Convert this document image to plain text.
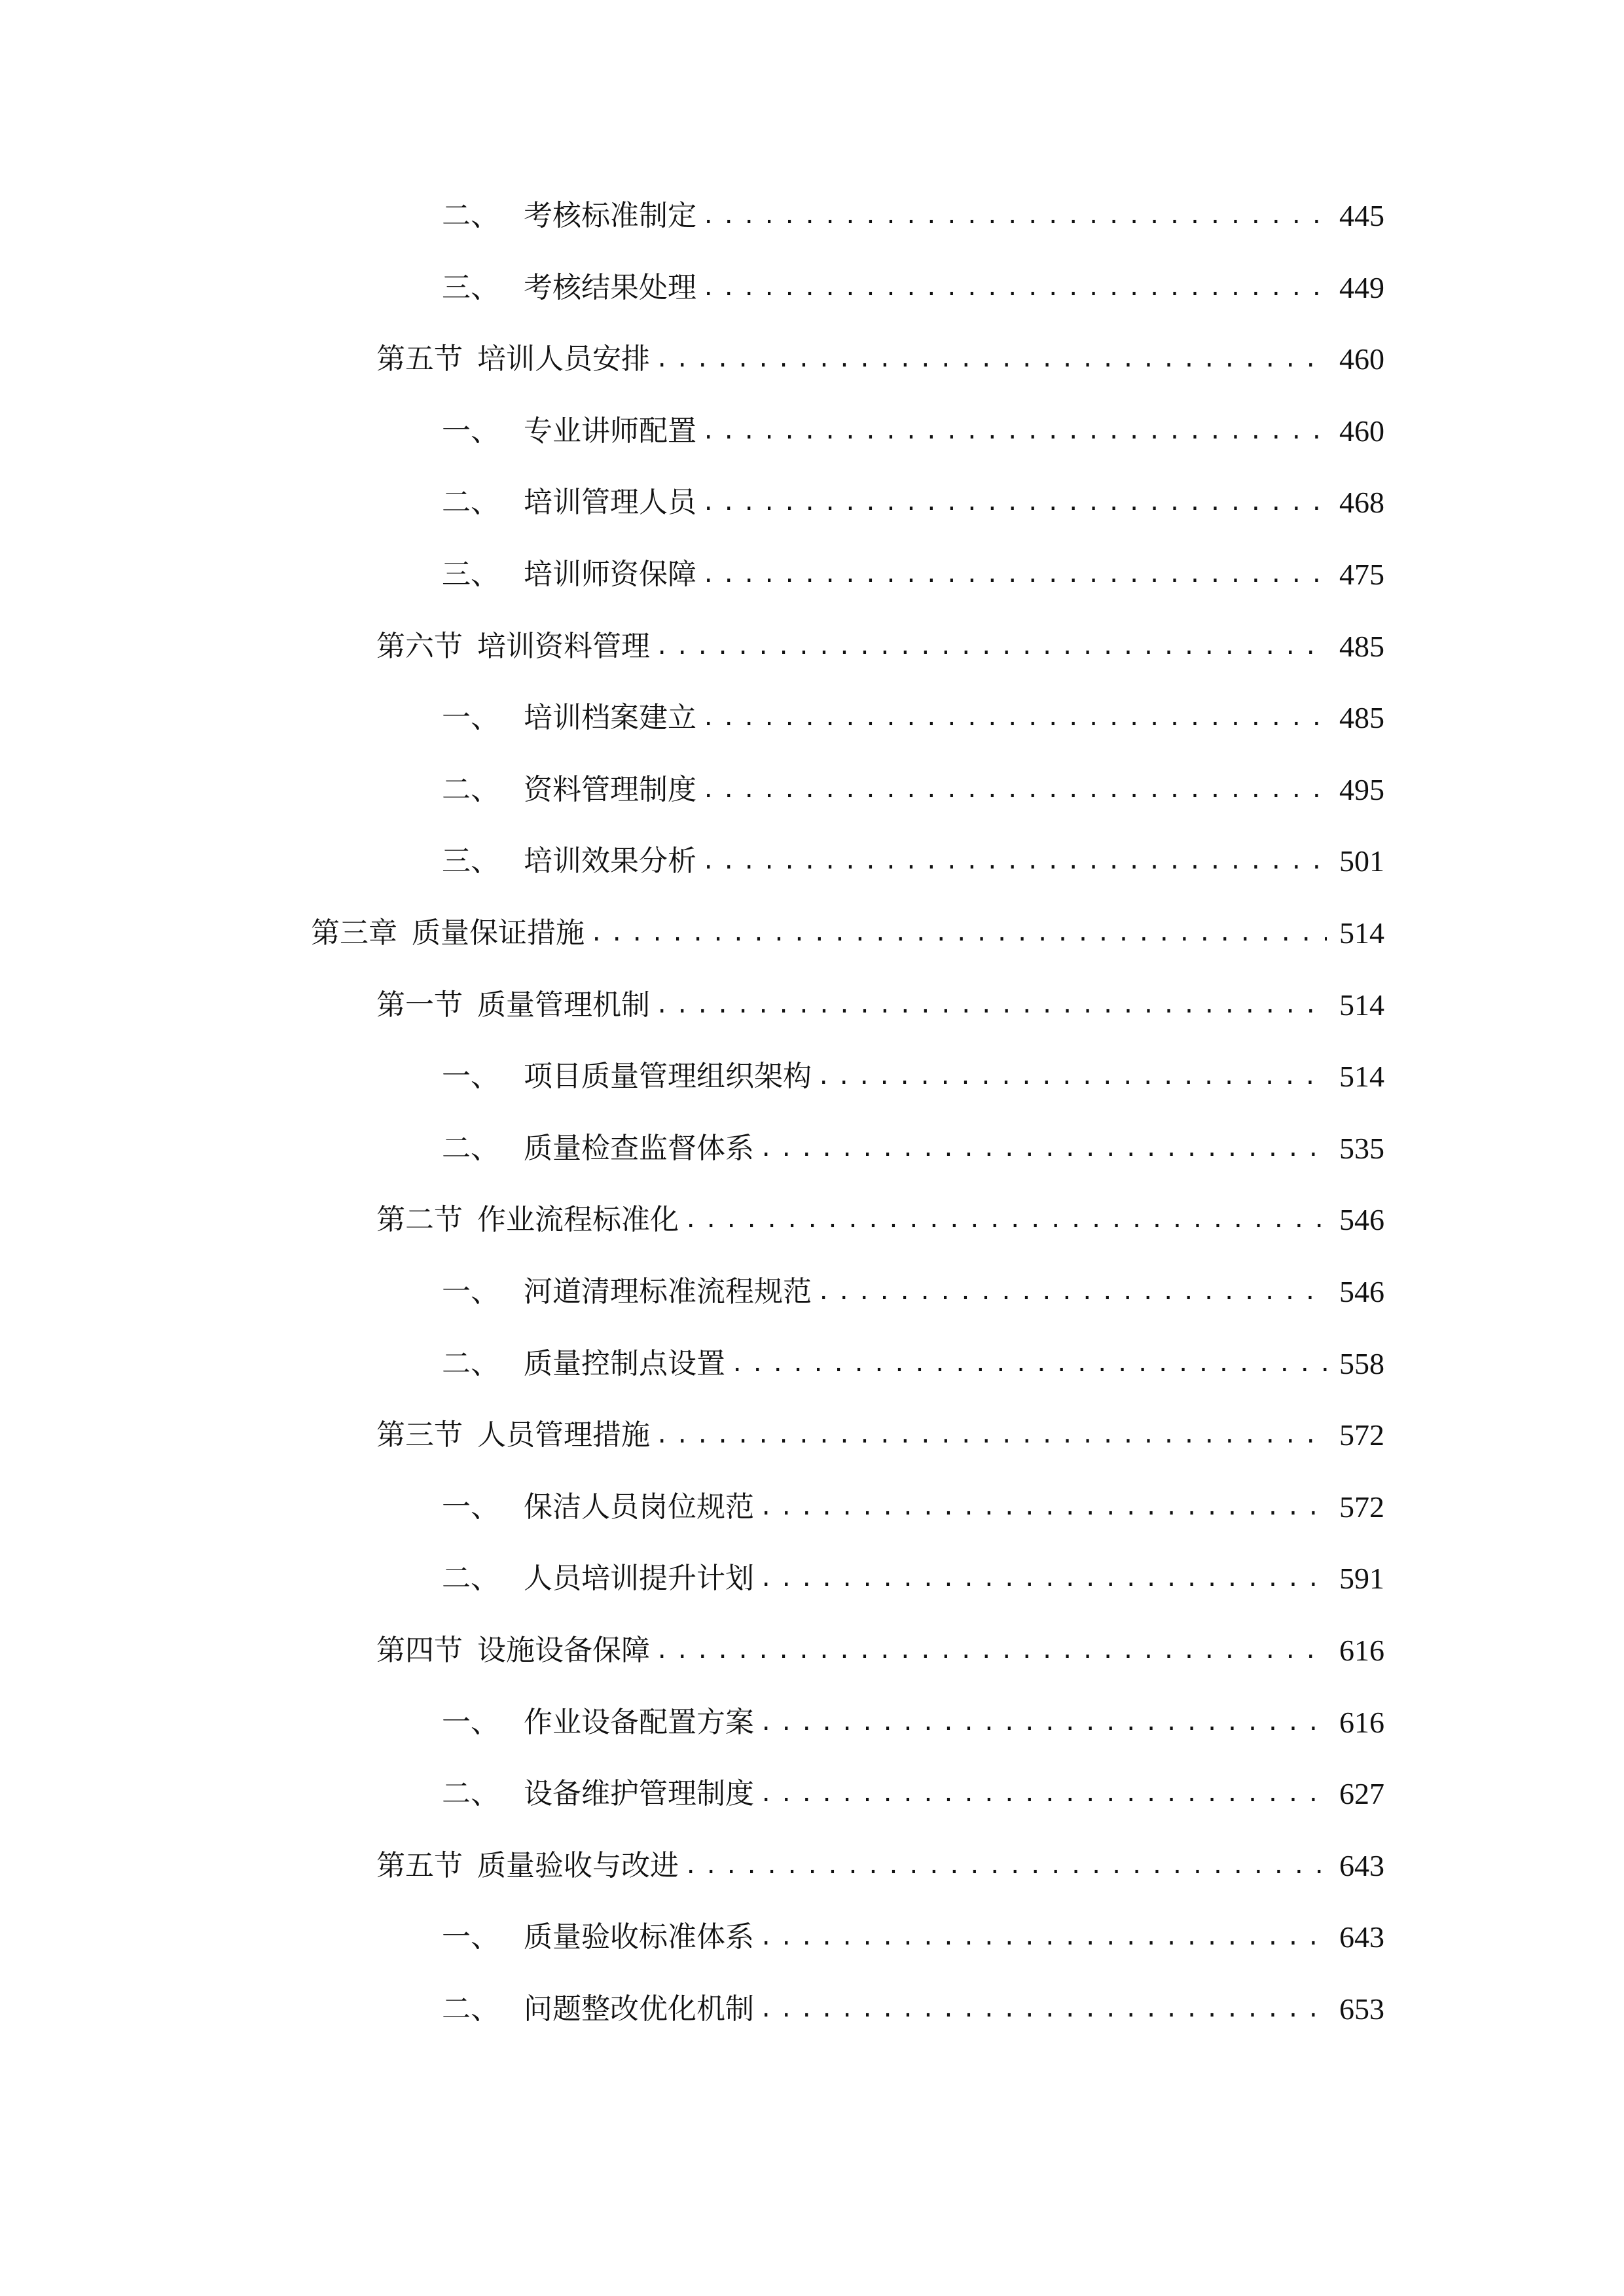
二、 考核标准制定 .....	445
三、 考核结果处理 .....	449
第五节 培训人员安排 .....	460
一、 专业讲师配置 .....	460
二、 培训管理人员 .....	468
三、 培训师资保障 .....	475
第六节 培训资料管理 .....	485
一、 培训档案建立 .....	485
二、 资料管理制度 .....	495
三、 培训效果分析 .....	501
第三章 质量保证措施 .....	514
第一节 质量管理机制 .....	514
一、 项目质量管理组织架构 .....	514
二、 质量检查监督体系 .....	535
第二节 作业流程标准化 .....	546
一、 河道清理标准流程规范 .....	546
二、 质量控制点设置 .....	558
第三节 人员管理措施 .....	572
一、 保洁人员岗位规范 .....	572
二、 人员培训提升计划 .....	591
第四节 设施设备保障 .....	616
一、 作业设备配置方案 .....	616
二、 设备维护管理制度 .....	627
第五节 质量验收与改进 .....	643
一、 质量验收标准体系 .....	643
二、 问题整改优化机制 .....	653
